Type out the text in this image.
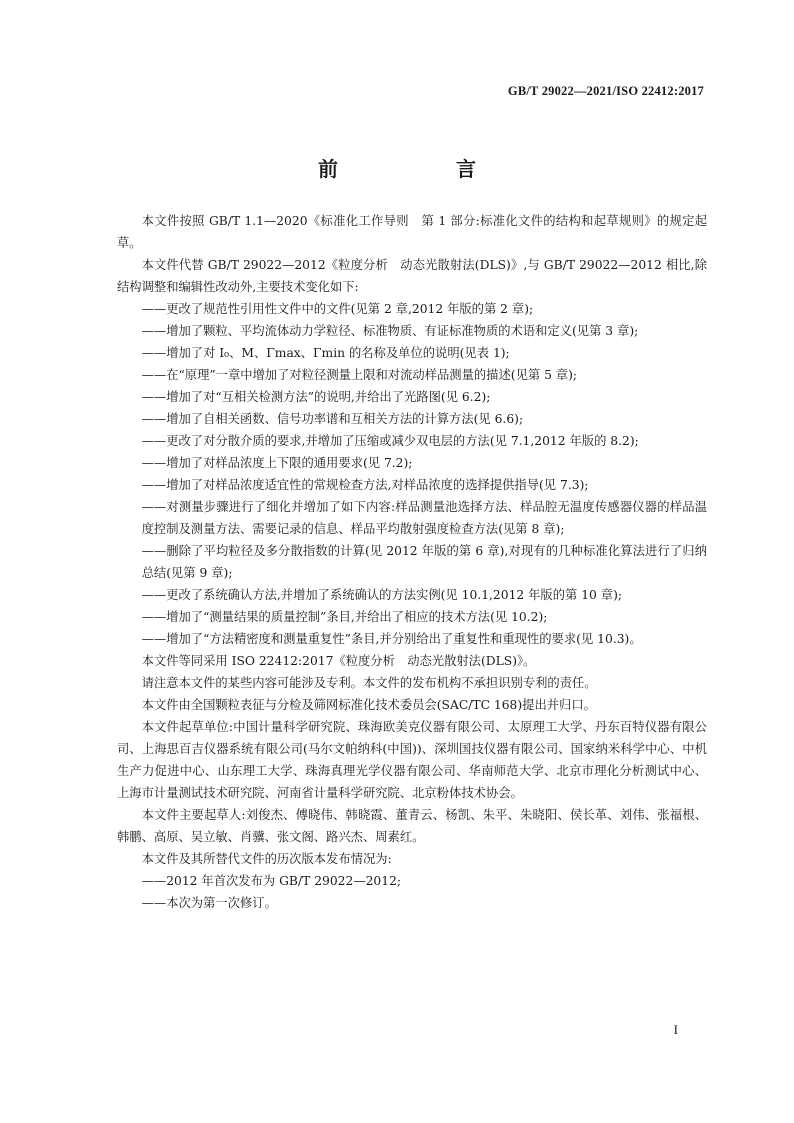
GB/T 29022—2021/ISO 22412:2017
前　　言

本文件按照 GB/T 1.1—2020《标准化工作导则　第 1 部分:标准化文件的结构和起草规则》的规定起草。

本文件代替 GB/T 29022—2012《粒度分析　动态光散射法(DLS)》,与 GB/T 29022—2012 相比,除结构调整和编辑性改动外,主要技术变化如下:

——更改了规范性引用性文件中的文件(见第 2 章,2012 年版的第 2 章);

——增加了颗粒、平均流体动力学粒径、标准物质、有证标准物质的术语和定义(见第 3 章);

——增加了对 I₀、M、Γmax、Γmin 的名称及单位的说明(见表 1);

——在“原理”一章中增加了对粒径测量上限和对流动样品测量的描述(见第 5 章);

——增加了对“互相关检测方法”的说明,并给出了光路图(见 6.2);

——增加了自相关函数、信号功率谱和互相关方法的计算方法(见 6.6);

——更改了对分散介质的要求,并增加了压缩或减少双电层的方法(见 7.1,2012 年版的 8.2);

——增加了对样品浓度上下限的通用要求(见 7.2);

——增加了对样品浓度适宜性的常规检查方法,对样品浓度的选择提供指导(见 7.3);

——对测量步骤进行了细化并增加了如下内容:样品测量池选择方法、样品腔无温度传感器仪器的样品温度控制及测量方法、需要记录的信息、样品平均散射强度检查方法(见第 8 章);

——删除了平均粒径及多分散指数的计算(见 2012 年版的第 6 章),对现有的几种标准化算法进行了归纳总结(见第 9 章);

——更改了系统确认方法,并增加了系统确认的方法实例(见 10.1,2012 年版的第 10 章);

——增加了“测量结果的质量控制”条目,并给出了相应的技术方法(见 10.2);

——增加了“方法精密度和测量重复性”条目,并分别给出了重复性和重现性的要求(见 10.3)。

本文件等同采用 ISO 22412:2017《粒度分析　动态光散射法(DLS)》。

请注意本文件的某些内容可能涉及专利。本文件的发布机构不承担识别专利的责任。

本文件由全国颗粒表征与分检及筛网标准化技术委员会(SAC/TC 168)提出并归口。

本文件起草单位:中国计量科学研究院、珠海欧美克仪器有限公司、太原理工大学、丹东百特仪器有限公司、上海思百吉仪器系统有限公司(马尔文帕纳科(中国))、深圳国技仪器有限公司、国家纳米科学中心、中机生产力促进中心、山东理工大学、珠海真理光学仪器有限公司、华南师范大学、北京市理化分析测试中心、上海市计量测试技术研究院、河南省计量科学研究院、北京粉体技术协会。

本文件主要起草人:刘俊杰、傅晓伟、韩晓霞、董青云、杨凯、朱平、朱晓阳、侯长革、刘伟、张福根、韩鹏、高原、吴立敏、肖骥、张文阁、路兴杰、周素红。

本文件及其所替代文件的历次版本发布情况为:

——2012 年首次发布为 GB/T 29022—2012;

——本次为第一次修订。

I
